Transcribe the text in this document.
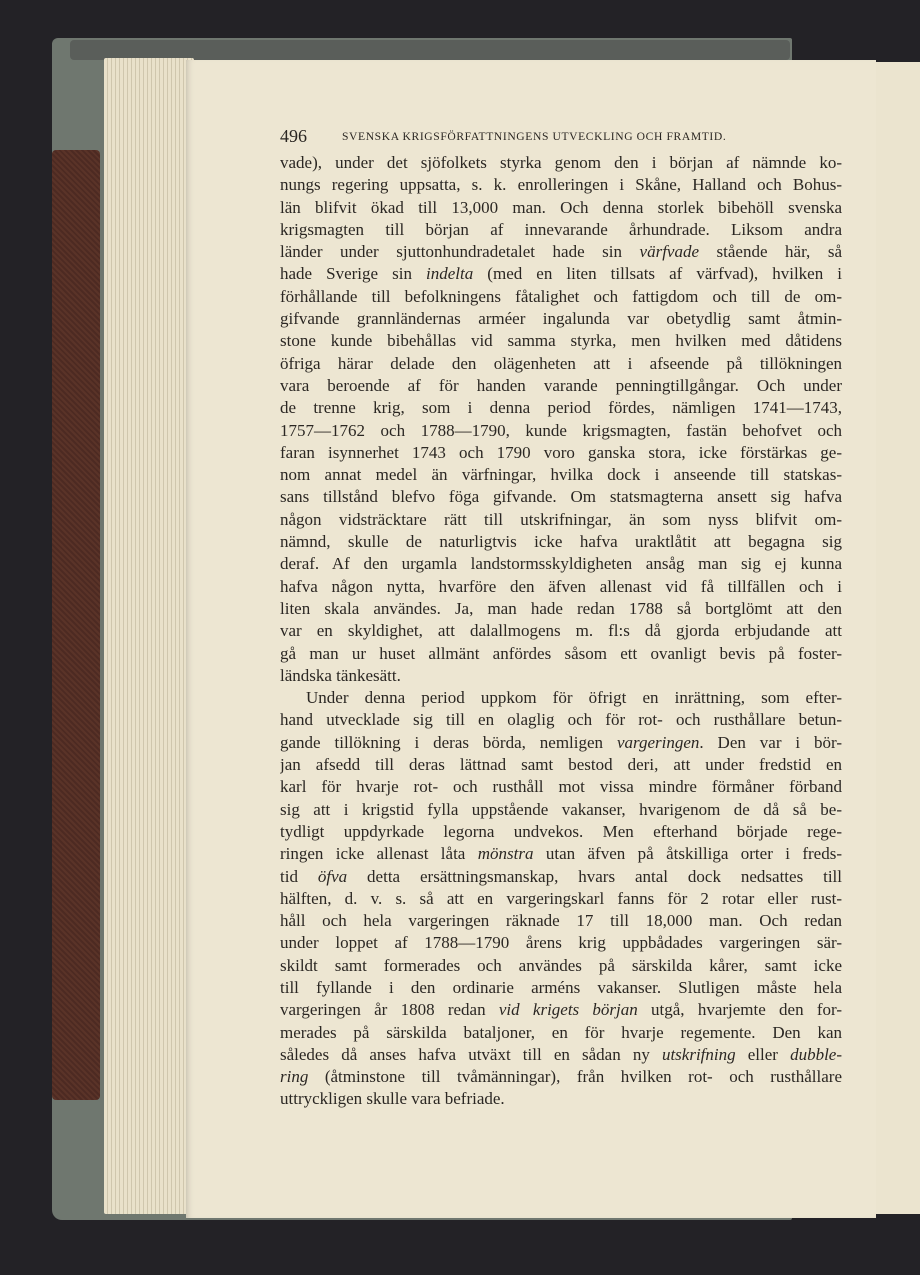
496	SVENSKA KRIGSFÖRFATTNINGENS UTVECKLING OCH FRAMTID.
vade), under det sjöfolkets styrka genom den i början af nämnde ko-
nungs regering uppsatta, s. k. enrolleringen i Skåne, Halland och Bohus-
län blifvit ökad till 13,000 man. Och denna storlek bibehöll svenska
krigsmagten till början af innevarande århundrade. Liksom andra
länder under sjuttonhundradetalet hade sin värfvade stående här, så
hade Sverige sin indelta (med en liten tillsats af värfvad), hvilken i
förhållande till befolkningens fåtalighet och fattigdom och till de om-
gifvande grannländernas arméer ingalunda var obetydlig samt åtmin-
stone kunde bibehållas vid samma styrka, men hvilken med dåtidens
öfriga härar delade den olägenheten att i afseende på tillökningen
vara beroende af för handen varande penningtillgångar. Och under
de trenne krig, som i denna period fördes, nämligen 1741—1743,
1757—1762 och 1788—1790, kunde krigsmagten, fastän behofvet och
faran isynnerhet 1743 och 1790 voro ganska stora, icke förstärkas ge-
nom annat medel än värfningar, hvilka dock i anseende till statskas-
sans tillstånd blefvo föga gifvande. Om statsmagterna ansett sig hafva
någon vidsträcktare rätt till utskrifningar, än som nyss blifvit om-
nämnd, skulle de naturligtvis icke hafva uraktlåtit att begagna sig
deraf. Af den urgamla landstormsskyldigheten ansåg man sig ej kunna
hafva någon nytta, hvarföre den äfven allenast vid få tillfällen och i
liten skala användes. Ja, man hade redan 1788 så bortglömt att den
var en skyldighet, att dalallmogens m. fl:s då gjorda erbjudande att
gå man ur huset allmänt anfördes såsom ett ovanligt bevis på foster-
ländska tänkesätt.
Under denna period uppkom för öfrigt en inrättning, som efter-
hand utvecklade sig till en olaglig och för rot- och rusthållare betun-
gande tillökning i deras börda, nemligen vargeringen. Den var i bör-
jan afsedd till deras lättnad samt bestod deri, att under fredstid en
karl för hvarje rot- och rusthåll mot vissa mindre förmåner förband
sig att i krigstid fylla uppstående vakanser, hvarigenom de då så be-
tydligt uppdyrkade legorna undvekos. Men efterhand började rege-
ringen icke allenast låta mönstra utan äfven på åtskilliga orter i freds-
tid öfva detta ersättningsmanskap, hvars antal dock nedsattes till
hälften, d. v. s. så att en vargeringskarl fanns för 2 rotar eller rust-
håll och hela vargeringen räknade 17 till 18,000 man. Och redan
under loppet af 1788—1790 årens krig uppbådades vargeringen sär-
skildt samt formerades och användes på särskilda kårer, samt icke
till fyllande i den ordinarie arméns vakanser. Slutligen måste hela
vargeringen år 1808 redan vid krigets början utgå, hvarjemte den for-
merades på särskilda bataljoner, en för hvarje regemente. Den kan
således då anses hafva utväxt till en sådan ny utskrifning eller dubble-
ring (åtminstone till tvåmänningar), från hvilken rot- och rusthållare
uttryckligen skulle vara befriade.
